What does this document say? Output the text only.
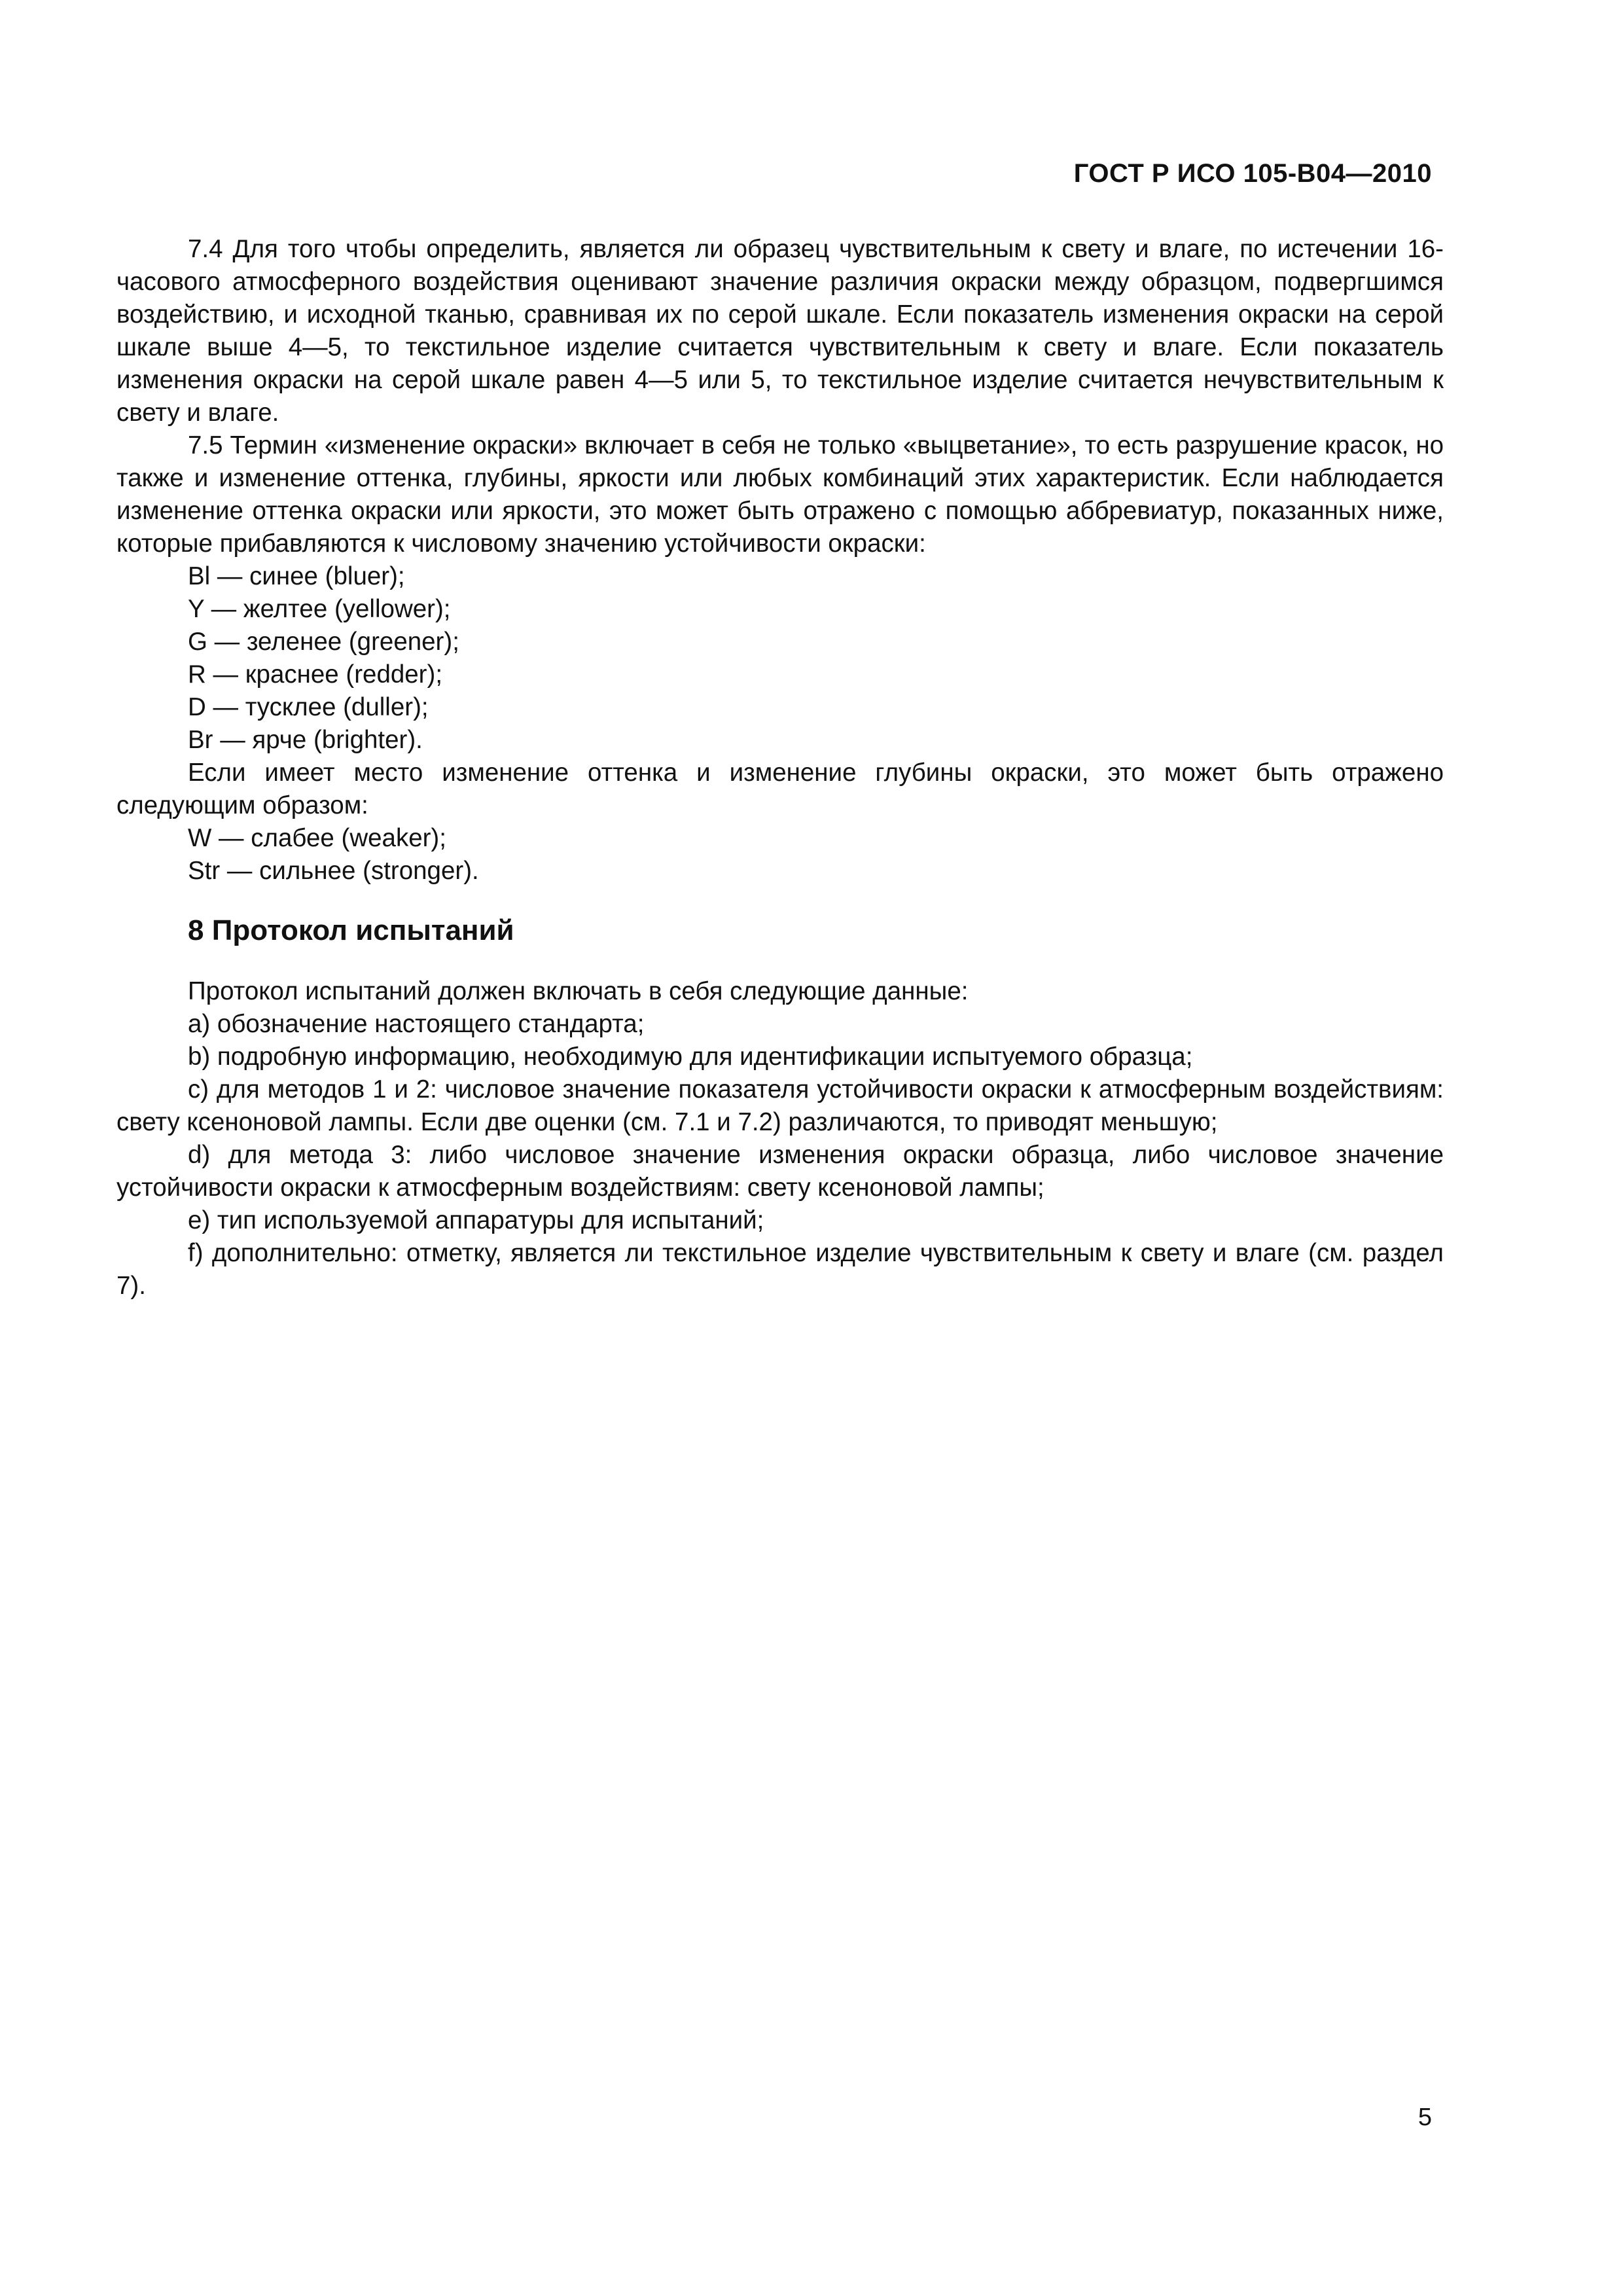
ГОСТ Р ИСО 105-B04—2010

7.4 Для того чтобы определить, является ли образец чувствительным к свету и влаге, по истечении 16-часового атмосферного воздействия оценивают значение различия окраски между образцом, подвергшимся воздействию, и исходной тканью, сравнивая их по серой шкале. Если показатель изменения окраски на серой шкале выше 4—5, то текстильное изделие считается чувствительным к свету и влаге. Если показатель изменения окраски на серой шкале равен 4—5 или 5, то текстильное изделие считается нечувствительным к свету и влаге.

7.5 Термин «изменение окраски» включает в себя не только «выцветание», то есть разрушение красок, но также и изменение оттенка, глубины, яркости или любых комбинаций этих характеристик. Если наблюдается изменение оттенка окраски или яркости, это может быть отражено с помощью аббревиатур, показанных ниже, которые прибавляются к числовому значению устойчивости окраски:

Bl — синее (bluer);
Y — желтее (yellower);
G — зеленее (greener);
R — краснее (redder);
D — тусклее (duller);
Br — ярче (brighter).

Если имеет место изменение оттенка и изменение глубины окраски, это может быть отражено следующим образом:

W — слабее (weaker);
Str — сильнее (stronger).
8 Протокол испытаний

Протокол испытаний должен включать в себя следующие данные:

a) обозначение настоящего стандарта;

b) подробную информацию, необходимую для идентификации испытуемого образца;

c) для методов 1 и 2: числовое значение показателя устойчивости окраски к атмосферным воздействиям: свету ксеноновой лампы. Если две оценки (см. 7.1 и 7.2) различаются, то приводят меньшую;

d) для метода 3: либо числовое значение изменения окраски образца, либо числовое значение устойчивости окраски к атмосферным воздействиям: свету ксеноновой лампы;

e) тип используемой аппаратуры для испытаний;

f) дополнительно: отметку, является ли текстильное изделие чувствительным к свету и влаге (см. раздел 7).

5
